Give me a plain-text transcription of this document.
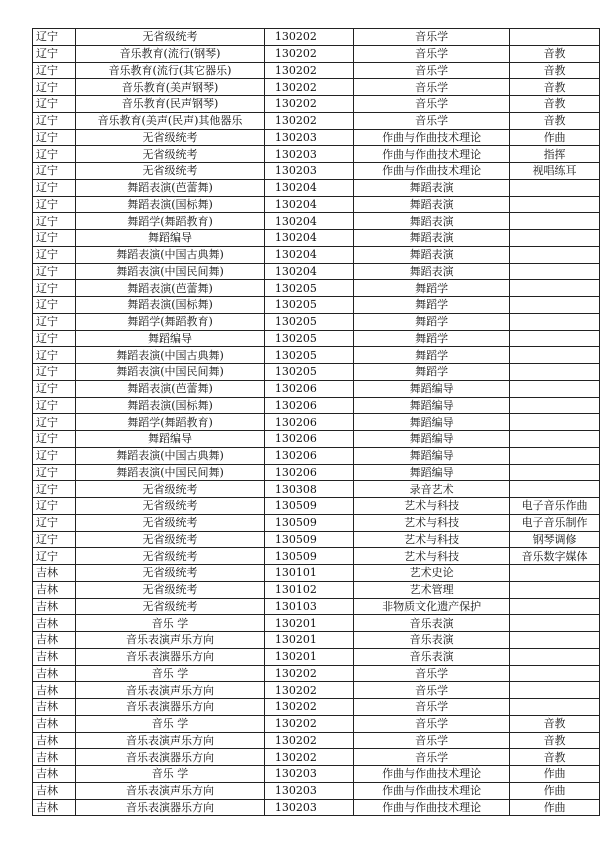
辽宁	无省级统考	130202	音乐学	
辽宁	音乐教育(流行(钢琴)	130202	音乐学	音教
辽宁	音乐教育(流行(其它器乐)	130202	音乐学	音教
辽宁	音乐教育(美声钢琴)	130202	音乐学	音教
辽宁	音乐教育(民声钢琴)	130202	音乐学	音教
辽宁	音乐教育(美声(民声)其他器乐	130202	音乐学	音教
辽宁	无省级统考	130203	作曲与作曲技术理论	作曲
辽宁	无省级统考	130203	作曲与作曲技术理论	指挥
辽宁	无省级统考	130203	作曲与作曲技术理论	视唱练耳
辽宁	舞蹈表演(芭蕾舞)	130204	舞蹈表演	
辽宁	舞蹈表演(国标舞)	130204	舞蹈表演	
辽宁	舞蹈学(舞蹈教育)	130204	舞蹈表演	
辽宁	舞蹈编导	130204	舞蹈表演	
辽宁	舞蹈表演(中国古典舞)	130204	舞蹈表演	
辽宁	舞蹈表演(中国民间舞)	130204	舞蹈表演	
辽宁	舞蹈表演(芭蕾舞)	130205	舞蹈学	
辽宁	舞蹈表演(国标舞)	130205	舞蹈学	
辽宁	舞蹈学(舞蹈教育)	130205	舞蹈学	
辽宁	舞蹈编导	130205	舞蹈学	
辽宁	舞蹈表演(中国古典舞)	130205	舞蹈学	
辽宁	舞蹈表演(中国民间舞)	130205	舞蹈学	
辽宁	舞蹈表演(芭蕾舞)	130206	舞蹈编导	
辽宁	舞蹈表演(国标舞)	130206	舞蹈编导	
辽宁	舞蹈学(舞蹈教育)	130206	舞蹈编导	
辽宁	舞蹈编导	130206	舞蹈编导	
辽宁	舞蹈表演(中国古典舞)	130206	舞蹈编导	
辽宁	舞蹈表演(中国民间舞)	130206	舞蹈编导	
辽宁	无省级统考	130308	录音艺术	
辽宁	无省级统考	130509	艺术与科技	电子音乐作曲
辽宁	无省级统考	130509	艺术与科技	电子音乐制作
辽宁	无省级统考	130509	艺术与科技	钢琴调修
辽宁	无省级统考	130509	艺术与科技	音乐数字媒体
吉林	无省级统考	130101	艺术史论	
吉林	无省级统考	130102	艺术管理	
吉林	无省级统考	130103	非物质文化遗产保护	
吉林	音乐 学	130201	音乐表演	
吉林	音乐表演声乐方向	130201	音乐表演	
吉林	音乐表演器乐方向	130201	音乐表演	
吉林	音乐 学	130202	音乐学	
吉林	音乐表演声乐方向	130202	音乐学	
吉林	音乐表演器乐方向	130202	音乐学	
吉林	音乐 学	130202	音乐学	音教
吉林	音乐表演声乐方向	130202	音乐学	音教
吉林	音乐表演器乐方向	130202	音乐学	音教
吉林	音乐 学	130203	作曲与作曲技术理论	作曲
吉林	音乐表演声乐方向	130203	作曲与作曲技术理论	作曲
吉林	音乐表演器乐方向	130203	作曲与作曲技术理论	作曲
